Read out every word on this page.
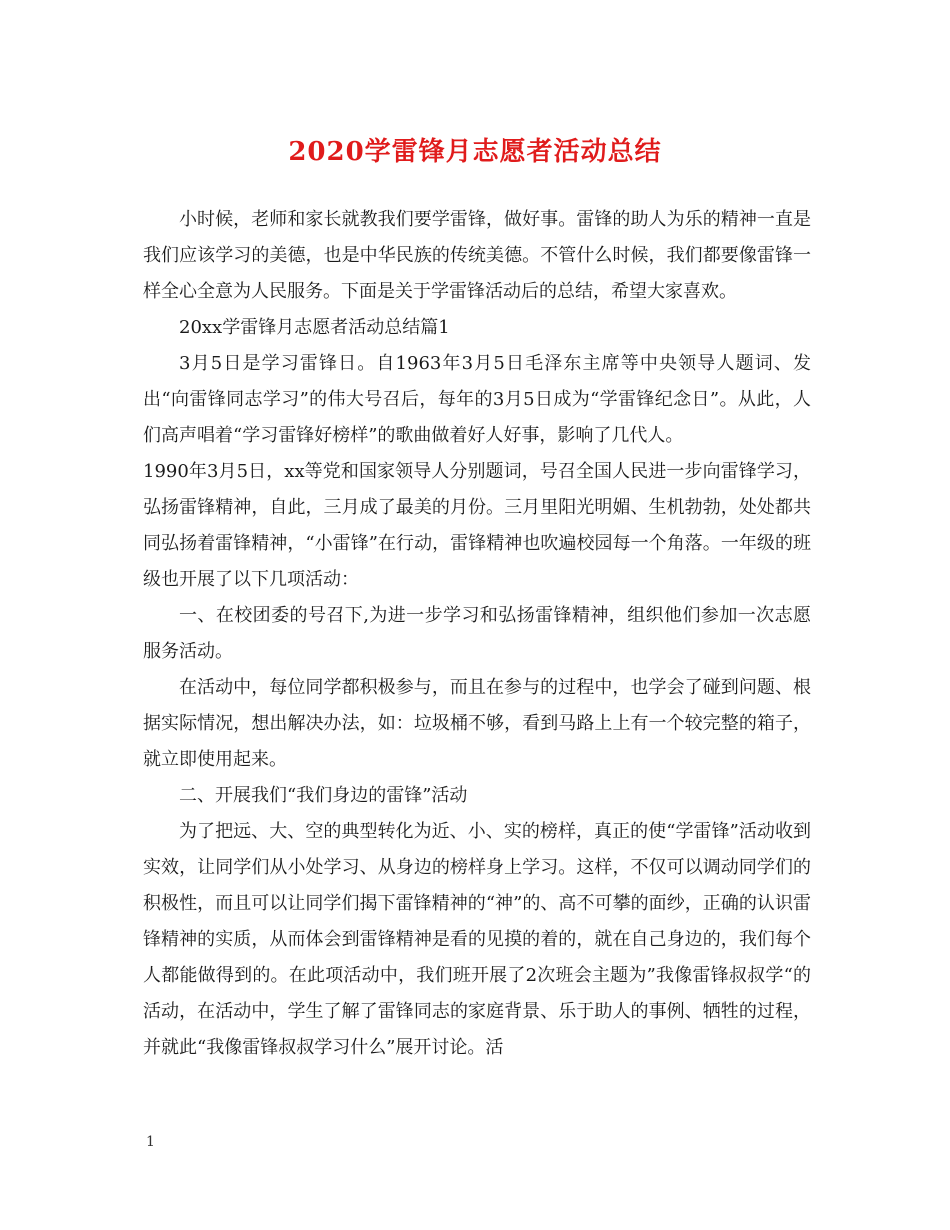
2020学雷锋月志愿者活动总结

小时候，老师和家长就教我们要学雷锋，做好事。雷锋的助人为乐的精神一直是我们应该学习的美德，也是中华民族的传统美德。不管什么时候，我们都要像雷锋一样全心全意为人民服务。下面是关于学雷锋活动后的总结，希望大家喜欢。

20xx学雷锋月志愿者活动总结篇1

3月5日是学习雷锋日。自1963年3月5日毛泽东主席等中央领导人题词、发出“向雷锋同志学习”的伟大号召后，每年的3月5日成为“学雷锋纪念日”。从此，人们高声唱着“学习雷锋好榜样”的歌曲做着好人好事，影响了几代人。

1990年3月5日，xx等党和国家领导人分别题词，号召全国人民进一步向雷锋学习，弘扬雷锋精神，自此，三月成了最美的月份。三月里阳光明媚、生机勃勃，处处都共同弘扬着雷锋精神，“小雷锋”在行动，雷锋精神也吹遍校园每一个角落。一年级的班级也开展了以下几项活动：

一、在校团委的号召下,为进一步学习和弘扬雷锋精神，组织他们参加一次志愿服务活动。

在活动中，每位同学都积极参与，而且在参与的过程中，也学会了碰到问题、根据实际情况，想出解决办法，如：垃圾桶不够，看到马路上上有一个较完整的箱子，就立即使用起来。

二、开展我们“我们身边的雷锋”活动

为了把远、大、空的典型转化为近、小、实的榜样，真正的使“学雷锋”活动收到实效，让同学们从小处学习、从身边的榜样身上学习。这样，不仅可以调动同学们的积极性，而且可以让同学们揭下雷锋精神的“神”的、高不可攀的面纱，正确的认识雷锋精神的实质，从而体会到雷锋精神是看的见摸的着的，就在自己身边的，我们每个人都能做得到的。在此项活动中，我们班开展了2次班会主题为”我像雷锋叔叔学“的活动，在活动中，学生了解了雷锋同志的家庭背景、乐于助人的事例、牺牲的过程，并就此“我像雷锋叔叔学习什么”展开讨论。活

1
